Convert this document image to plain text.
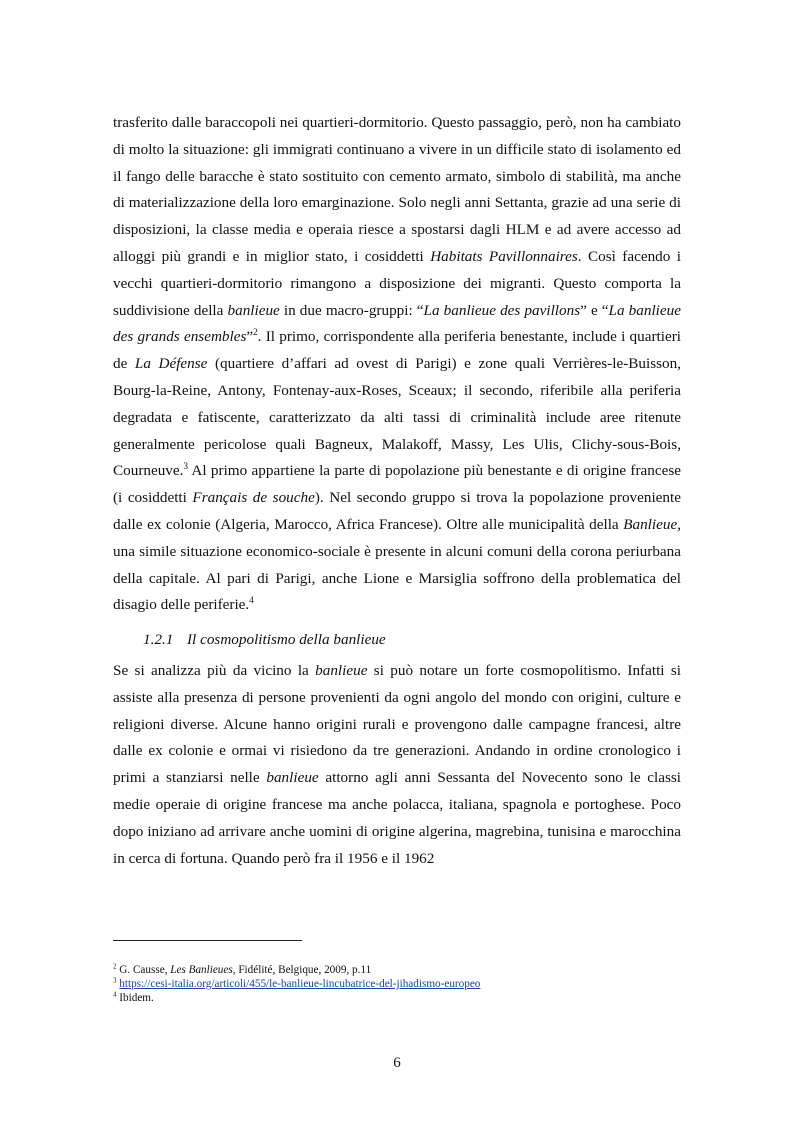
trasferito dalle baraccopoli nei quartieri-dormitorio. Questo passaggio, però, non ha cambiato di molto la situazione: gli immigrati continuano a vivere in un difficile stato di isolamento ed il fango delle baracche è stato sostituito con cemento armato, simbolo di stabilità, ma anche di materializzazione della loro emarginazione. Solo negli anni Settanta, grazie ad una serie di disposizioni, la classe media e operaia riesce a spostarsi dagli HLM e ad avere accesso ad alloggi più grandi e in miglior stato, i cosiddetti Habitats Pavillonnaires. Così facendo i vecchi quartieri-dormitorio rimangono a disposizione dei migranti. Questo comporta la suddivisione della banlieue in due macro-gruppi: “La banlieue des pavillons” e “La banlieue des grands ensembles”$^2$. Il primo, corrispondente alla periferia benestante, include i quartieri de La Défense (quartiere d’affari ad ovest di Parigi) e zone quali Verrières-le-Buisson, Bourg-la-Reine, Antony, Fontenay-aux-Roses, Sceaux; il secondo, riferibile alla periferia degradata e fatiscente, caratterizzato da alti tassi di criminalità include aree ritenute generalmente pericolose quali Bagneux, Malakoff, Massy, Les Ulis, Clichy-sous-Bois, Courneuve.$^3$ Al primo appartiene la parte di popolazione più benestante e di origine francese (i cosiddetti Français de souche). Nel secondo gruppo si trova la popolazione proveniente dalle ex colonie (Algeria, Marocco, Africa Francese). Oltre alle municipalità della Banlieue, una simile situazione economico-sociale è presente in alcuni comuni della corona periurbana della capitale. Al pari di Parigi, anche Lione e Marsiglia soffrono della problematica del disagio delle periferie.$^4$

1.2.1 Il cosmopolitismo della banlieue

Se si analizza più da vicino la banlieue si può notare un forte cosmopolitismo. Infatti si assiste alla presenza di persone provenienti da ogni angolo del mondo con origini, culture e religioni diverse. Alcune hanno origini rurali e provengono dalle campagne francesi, altre dalle ex colonie e ormai vi risiedono da tre generazioni. Andando in ordine cronologico i primi a stanziarsi nelle banlieue attorno agli anni Sessanta del Novecento sono le classi medie operaie di origine francese ma anche polacca, italiana, spagnola e portoghese. Poco dopo iniziano ad arrivare anche uomini di origine algerina, magrebina, tunisina e marocchina in cerca di fortuna. Quando però fra il 1956 e il 1962

$^2$ G. Causse, Les Banlieues, Fidélité, Belgique, 2009, p.11
$^3$ https://cesi-italia.org/articoli/455/le-banlieue-lincubatrice-del-jihadismo-europeo
$^4$ Ibidem.
6
